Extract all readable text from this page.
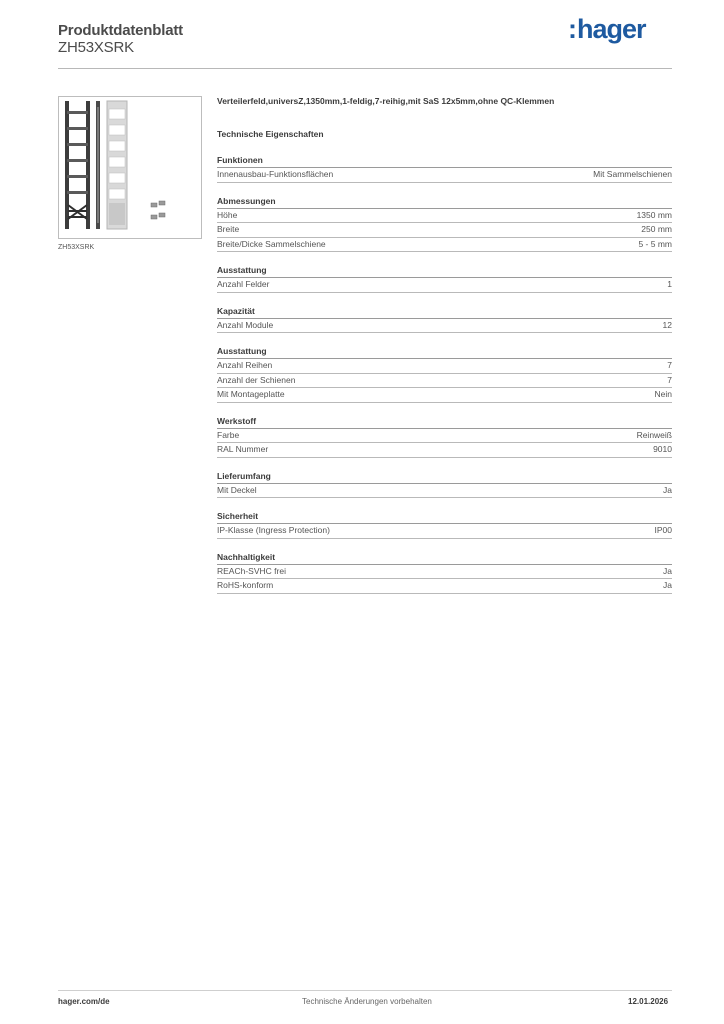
Produktdatenblatt
ZH53XSRK
:hager
ZH53XSRK

Verteilerfeld,universZ,1350mm,1-feldig,7-reihig,mit SaS 12x5mm,ohne QC-Klemmen

Technische Eigenschaften
Funktionen
Innenausbau-Funktionsflächen	Mit Sammelschienen
Abmessungen
Höhe	1350 mm
Breite	250 mm
Breite/Dicke Sammelschiene	5 - 5 mm
Ausstattung
Anzahl Felder	1
Kapazität
Anzahl Module	12
Ausstattung
Anzahl Reihen	7
Anzahl der Schienen	7
Mit Montageplatte	Nein
Werkstoff
Farbe	Reinweiß
RAL Nummer	9010
Lieferumfang
Mit Deckel	Ja
Sicherheit
IP-Klasse (Ingress Protection)	IP00
Nachhaltigkeit
REACh-SVHC frei	Ja
RoHS-konform	Ja
hager.com/de	Technische Änderungen vorbehalten	12.01.2026
